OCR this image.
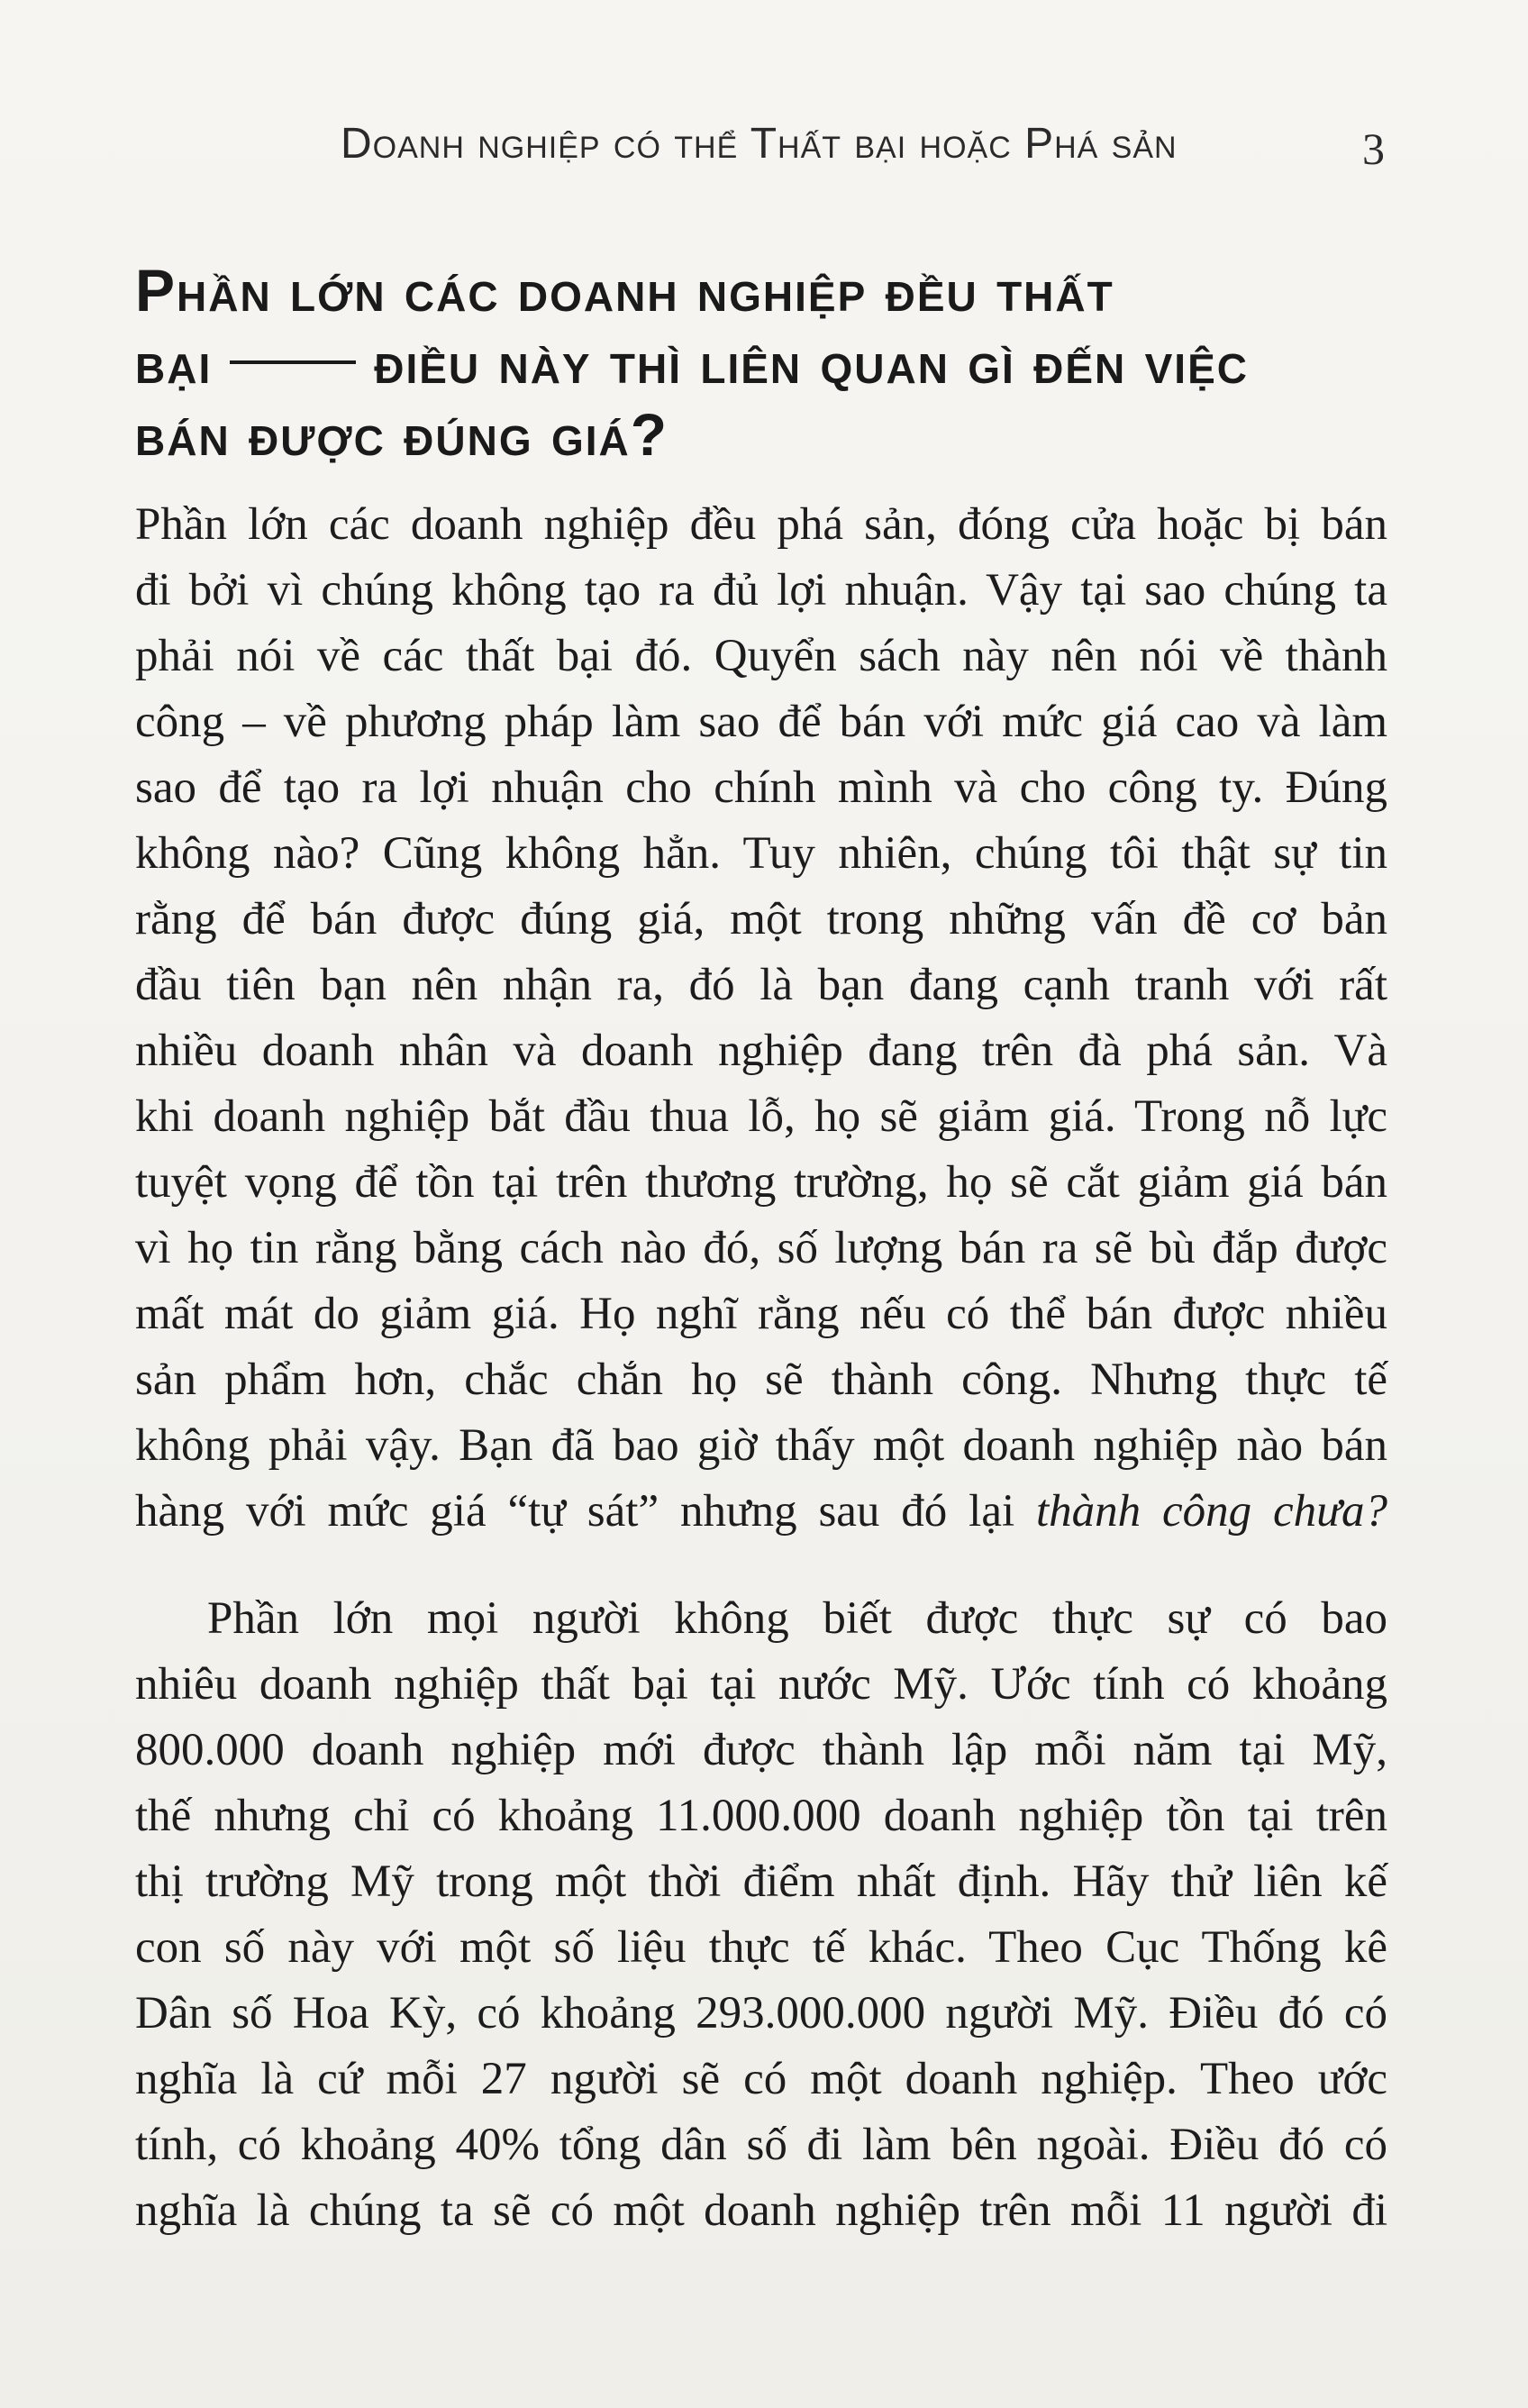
Doanh nghiệp có thể Thất bại hoặc Phá sản	3
Phần lớn các doanh nghiệp đều thất
bại	điều này thì liên quan gì đến việc
bán được đúng giá?
Phần lớn các doanh nghiệp đều phá sản, đóng cửa hoặc bị bán
đi bởi vì chúng không tạo ra đủ lợi nhuận. Vậy tại sao chúng ta
phải nói về các thất bại đó. Quyển sách này nên nói về thành
công – về phương pháp làm sao để bán với mức giá cao và làm
sao để tạo ra lợi nhuận cho chính mình và cho công ty. Đúng
không nào? Cũng không hẳn. Tuy nhiên, chúng tôi thật sự tin
rằng để bán được đúng giá, một trong những vấn đề cơ bản
đầu tiên bạn nên nhận ra, đó là bạn đang cạnh tranh với rất
nhiều doanh nhân và doanh nghiệp đang trên đà phá sản. Và
khi doanh nghiệp bắt đầu thua lỗ, họ sẽ giảm giá. Trong nỗ lực
tuyệt vọng để tồn tại trên thương trường, họ sẽ cắt giảm giá bán
vì họ tin rằng bằng cách nào đó, số lượng bán ra sẽ bù đắp được
mất mát do giảm giá. Họ nghĩ rằng nếu có thể bán được nhiều
sản phẩm hơn, chắc chắn họ sẽ thành công. Nhưng thực tế
không phải vậy. Bạn đã bao giờ thấy một doanh nghiệp nào bán
hàng với mức giá “tự sát” nhưng sau đó lại thành công chưa?
Phần lớn mọi người không biết được thực sự có bao
nhiêu doanh nghiệp thất bại tại nước Mỹ. Ước tính có khoảng
800.000 doanh nghiệp mới được thành lập mỗi năm tại Mỹ,
thế nhưng chỉ có khoảng 11.000.000 doanh nghiệp tồn tại trên
thị trường Mỹ trong một thời điểm nhất định. Hãy thử liên kế
con số này với một số liệu thực tế khác. Theo Cục Thống kê
Dân số Hoa Kỳ, có khoảng 293.000.000 người Mỹ. Điều đó có
nghĩa là cứ mỗi 27 người sẽ có một doanh nghiệp. Theo ước
tính, có khoảng 40% tổng dân số đi làm bên ngoài. Điều đó có
nghĩa là chúng ta sẽ có một doanh nghiệp trên mỗi 11 người đi
